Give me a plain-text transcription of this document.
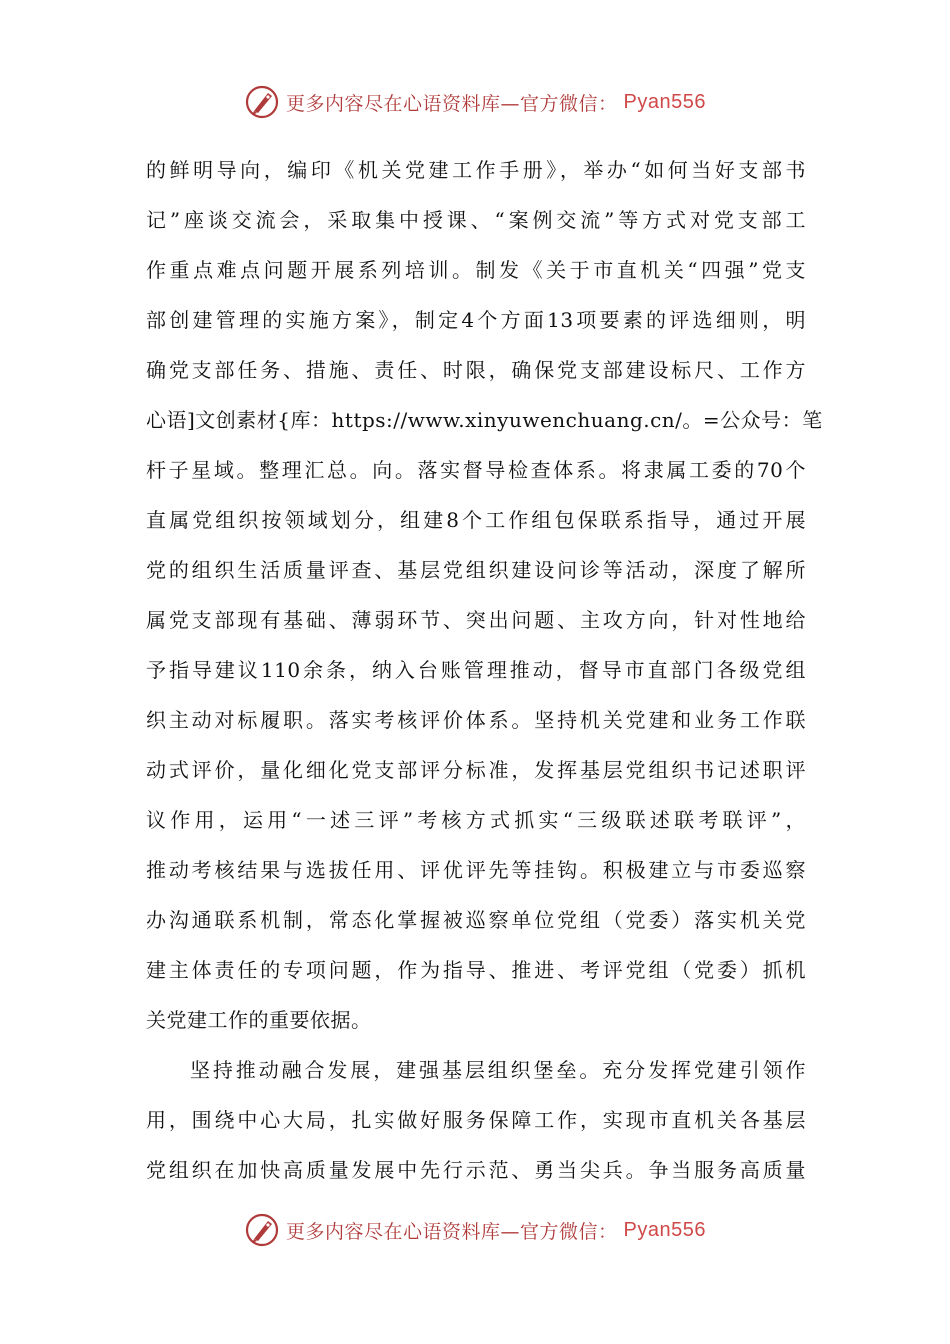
更多内容尽在心语资料库—官方微信： Pyan556
的鲜明导向，编印《机关党建工作手册》，举办“如何当好支部书
记”座谈交流会，采取集中授课、“案例交流”等方式对党支部工
作重点难点问题开展系列培训。制发《关于市直机关“四强”党支
部创建管理的实施方案》，制定4个方面13项要素的评选细则，明
确党支部任务、措施、责任、时限，确保党支部建设标尺、工作方
心语]文创素材{库：https://www.xinyuwenchuang.cn/。=公众号：笔
杆子星域。整理汇总。向。落实督导检查体系。将隶属工委的70个
直属党组织按领域划分，组建8个工作组包保联系指导，通过开展
党的组织生活质量评查、基层党组织建设问诊等活动，深度了解所
属党支部现有基础、薄弱环节、突出问题、主攻方向，针对性地给
予指导建议110余条，纳入台账管理推动，督导市直部门各级党组
织主动对标履职。落实考核评价体系。坚持机关党建和业务工作联
动式评价，量化细化党支部评分标准，发挥基层党组织书记述职评
议作用，运用“一述三评”考核方式抓实“三级联述联考联评”，
推动考核结果与选拔任用、评优评先等挂钩。积极建立与市委巡察
办沟通联系机制，常态化掌握被巡察单位党组（党委）落实机关党
建主体责任的专项问题，作为指导、推进、考评党组（党委）抓机
关党建工作的重要依据。
坚持推动融合发展，建强基层组织堡垒。充分发挥党建引领作
用，围绕中心大局，扎实做好服务保障工作，实现市直机关各基层
党组织在加快高质量发展中先行示范、勇当尖兵。争当服务高质量
更多内容尽在心语资料库—官方微信： Pyan556
